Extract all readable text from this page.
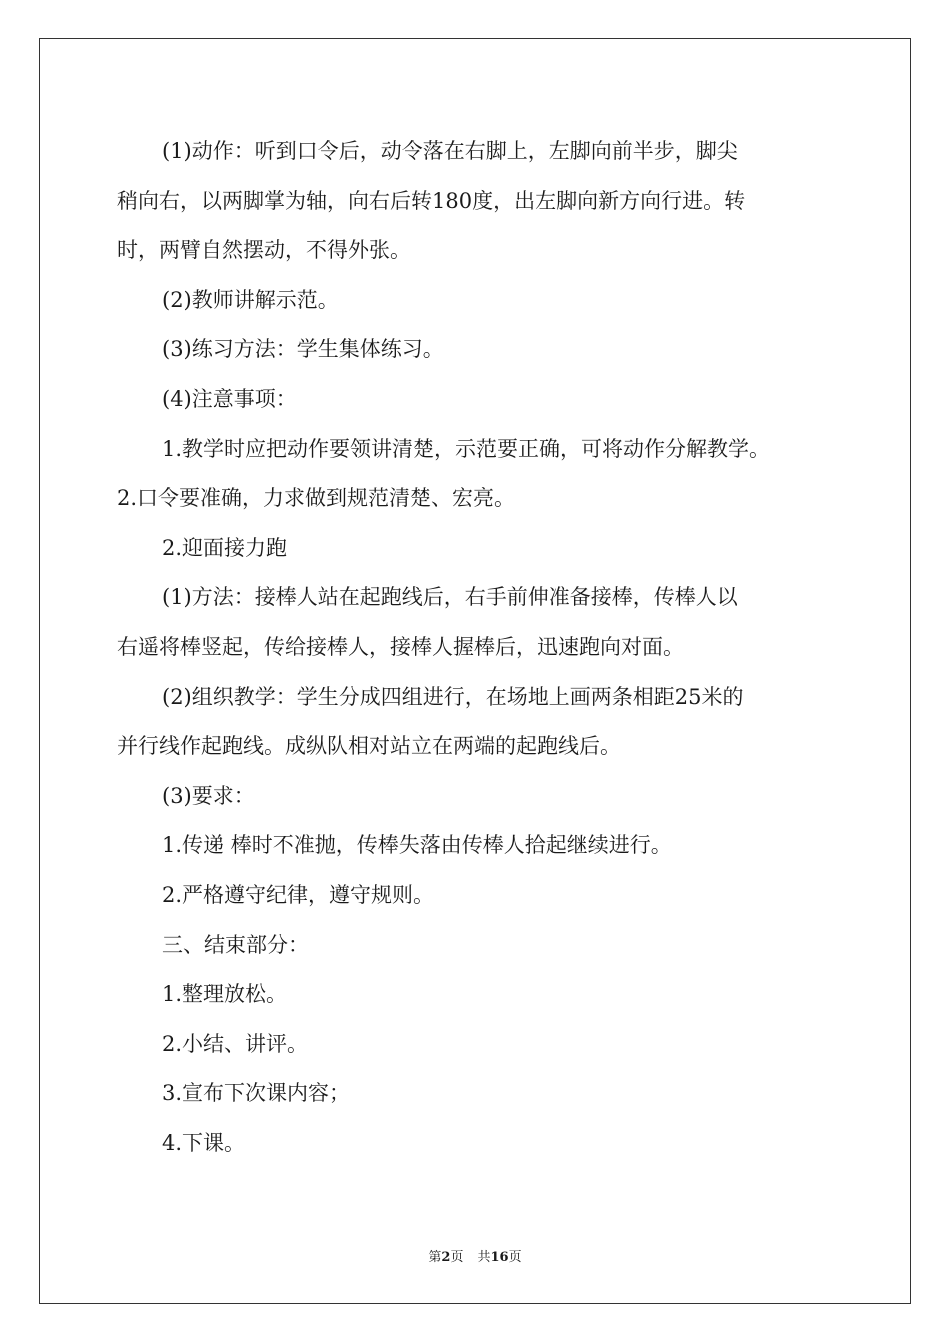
(1)动作：听到口令后，动令落在右脚上，左脚向前半步，脚尖

稍向右，以两脚掌为轴，向右后转180度，出左脚向新方向行进。转

时，两臂自然摆动，不得外张。

(2)教师讲解示范。

(3)练习方法：学生集体练习。

(4)注意事项：

1.教学时应把动作要领讲清楚，示范要正确，可将动作分解教学。

2.口令要准确，力求做到规范清楚、宏亮。

2.迎面接力跑

(1)方法：接棒人站在起跑线后，右手前伸准备接棒，传棒人以

右遥将棒竖起，传给接棒人，接棒人握棒后，迅速跑向对面。

(2)组织教学：学生分成四组进行，在场地上画两条相距25米的

并行线作起跑线。成纵队相对站立在两端的起跑线后。

(3)要求：

1.传递 棒时不准抛，传棒失落由传棒人拾起继续进行。

2.严格遵守纪律，遵守规则。

三、结束部分：

1.整理放松。

2.小结、讲评。

3.宣布下次课内容；

4.下课。

第2页 共16页
